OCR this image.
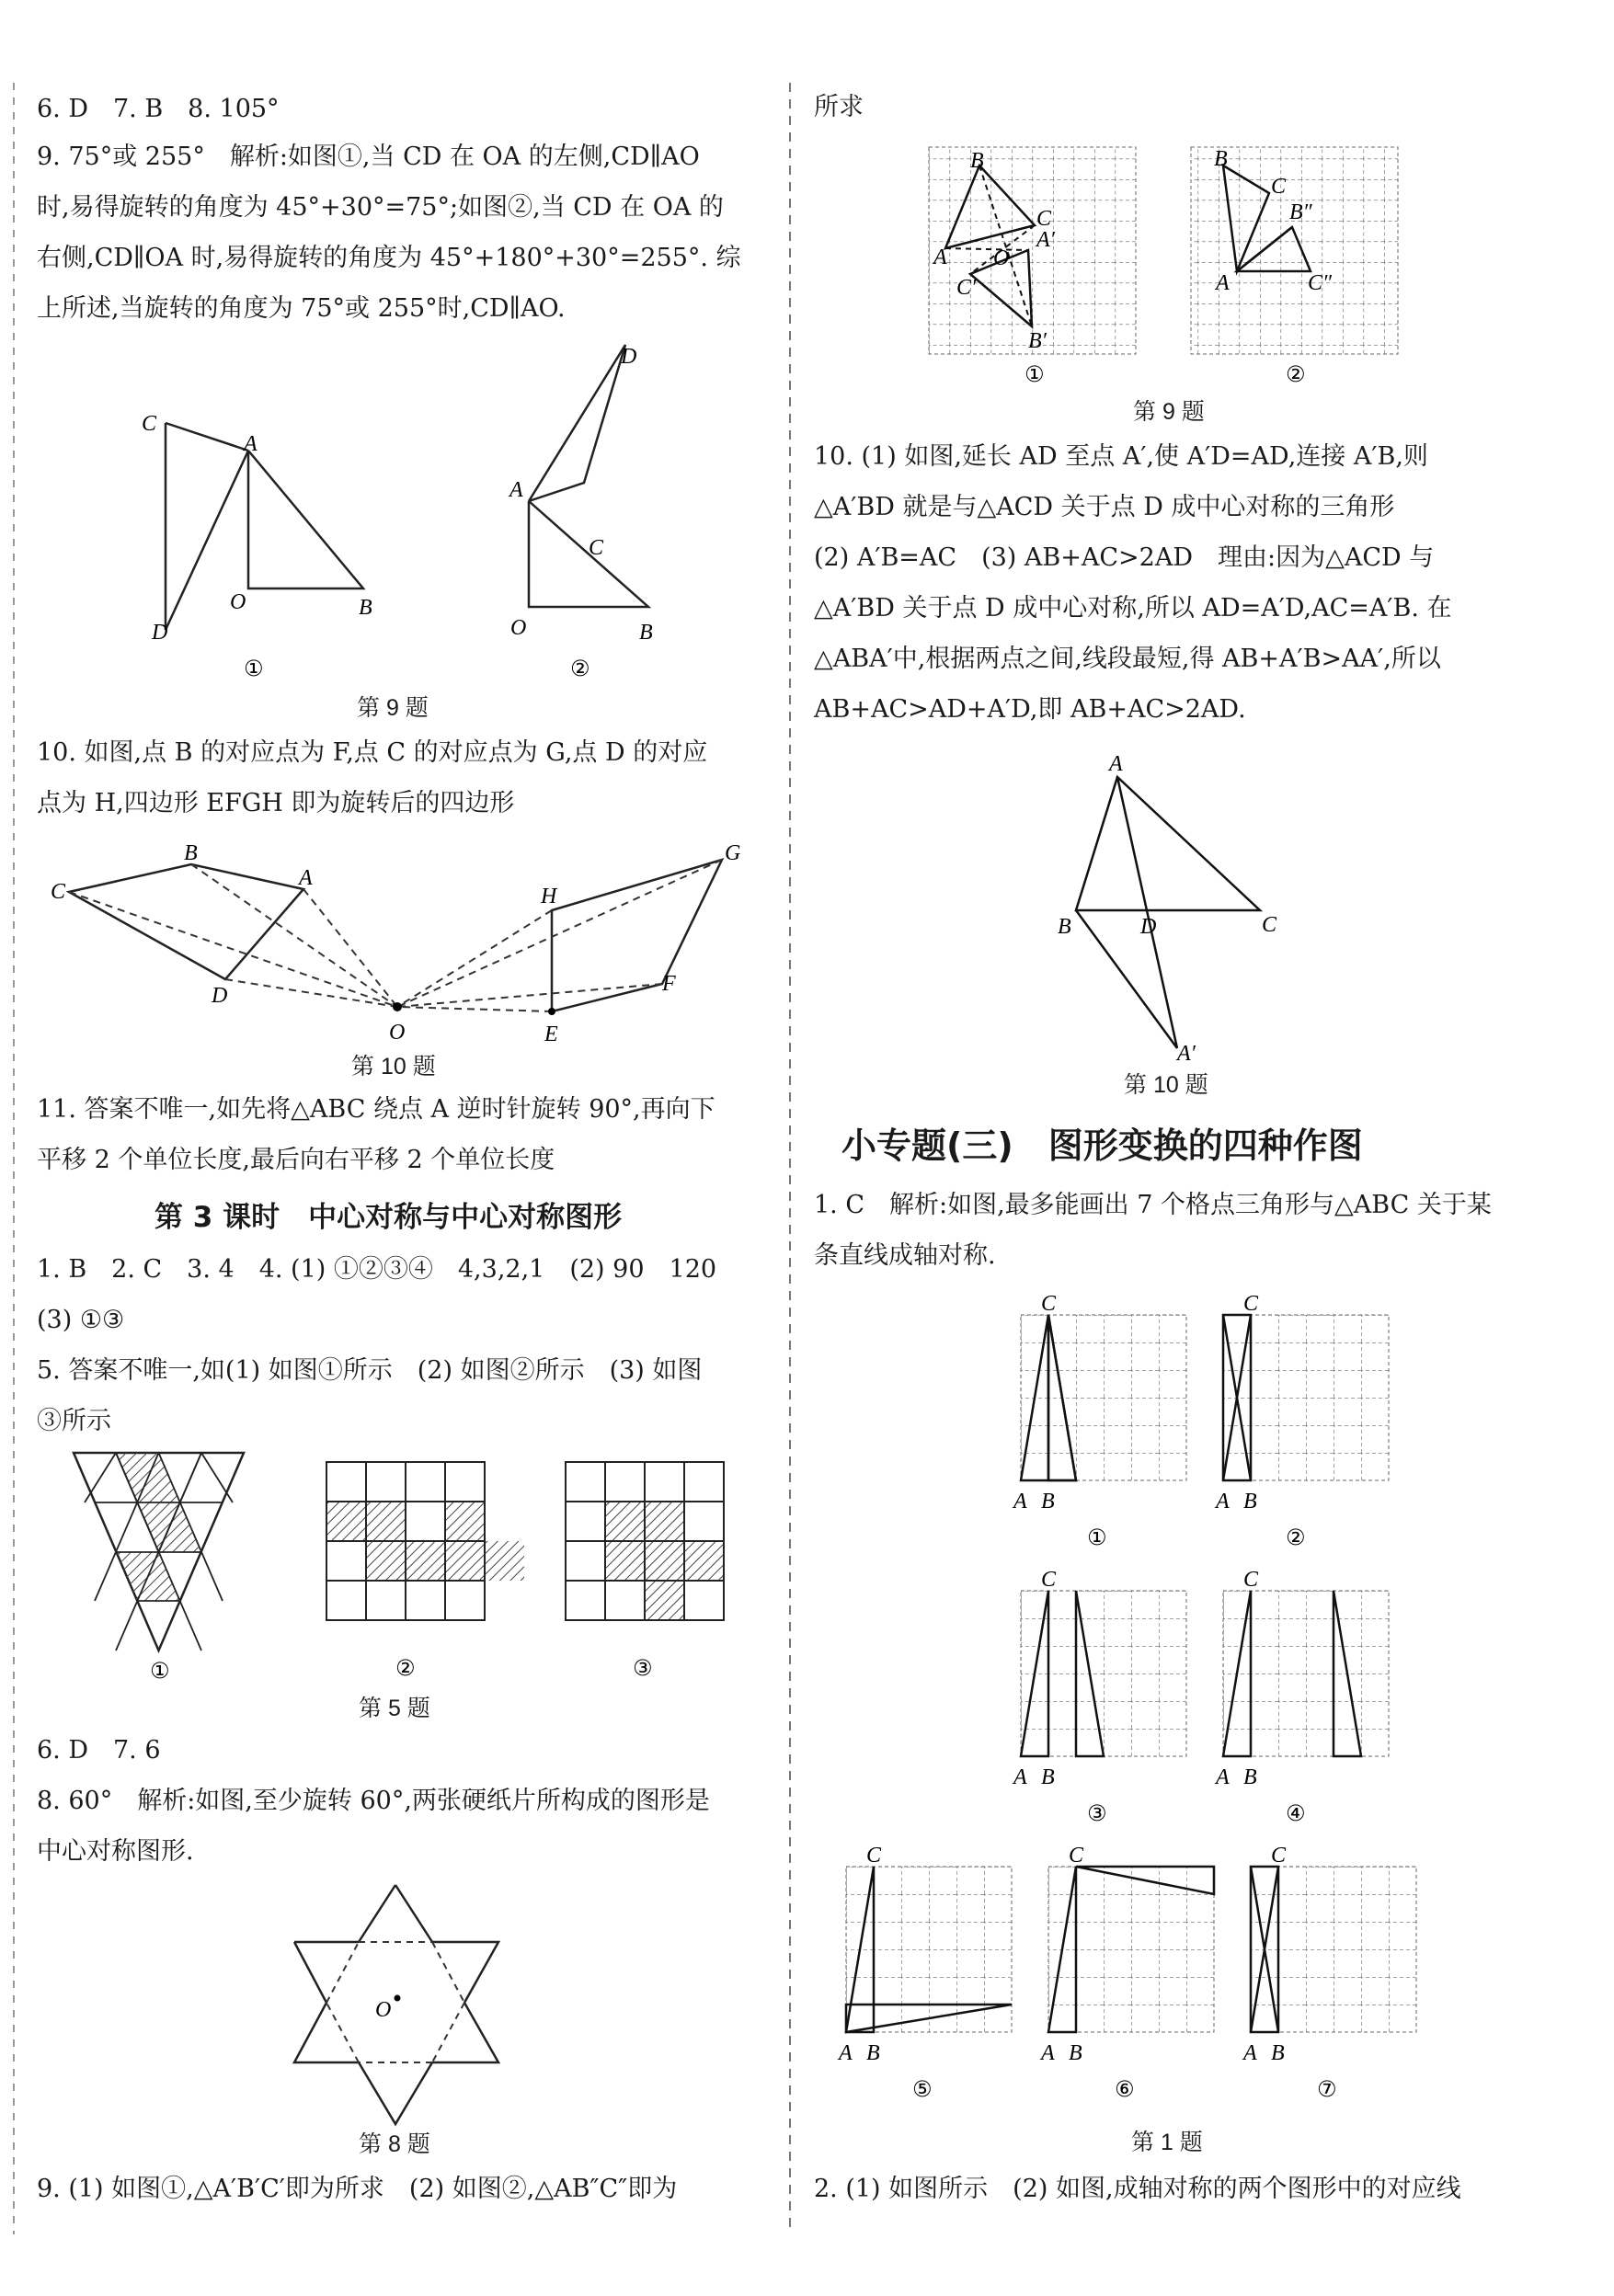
6. D　7. B　8. 105°
9. 75°或 255°　解析:如图①,当 CD 在 OA 的左侧,CD∥AO
时,易得旋转的角度为 45°+30°=75°;如图②,当 CD 在 OA 的
右侧,CD∥OA 时,易得旋转的角度为 45°+180°+30°=255°. 综
上所述,当旋转的角度为 75°或 255°时,CD∥AO.
C
A
O	B
D
D
A
C
O	B
①	②
第 9 题
10. 如图,点 B 的对应点为 F,点 C 的对应点为 G,点 D 的对应
点为 H,四边形 EFGH 即为旋转后的四边形
B
C
A
D
O
H
G
F
E
第 10 题
11. 答案不唯一,如先将△ABC 绕点 A 逆时针旋转 90°,再向下
平移 2 个单位长度,最后向右平移 2 个单位长度
第 3 课时　中心对称与中心对称图形
1. B　2. C　3. 4　4. (1) ①②③④　4,3,2,1　(2) 90　120
(3) ①③
5. 答案不唯一,如(1) 如图①所示　(2) 如图②所示　(3) 如图
③所示
①	②	③
第 5 题
6. D　7. 6
8. 60°　解析:如图,至少旋转 60°,两张硬纸片所构成的图形是
中心对称图形.
O
第 8 题
9. (1) 如图①,△A′B′C′即为所求　(2) 如图②,△AB″C″即为
所求
B
C
A′
A O
C′
B′
B
C
B″
A	C″
①	②
第 9 题
10. (1) 如图,延长 AD 至点 A′,使 A′D=AD,连接 A′B,则
△A′BD 就是与△ACD 关于点 D 成中心对称的三角形
(2) A′B=AC　(3) AB+AC>2AD　理由:因为△ACD 与
△A′BD 关于点 D 成中心对称,所以 AD=A′D,AC=A′B. 在
△ABA′中,根据两点之间,线段最短,得 AB+A′B>AA′,所以
AB+AC>AD+A′D,即 AB+AC>2AD.
A
B	D	C
A′
第 10 题
小专题(三)　图形变换的四种作图
1. C　解析:如图,最多能画出 7 个格点三角形与△ABC 关于某
条直线成轴对称.
C
A B
C
A B
C
A B
C
A B
C
A B
C
A B
C
A B
①	②
③	④
⑤	⑥	⑦
第 1 题
2. (1) 如图所示　(2) 如图,成轴对称的两个图形中的对应线
